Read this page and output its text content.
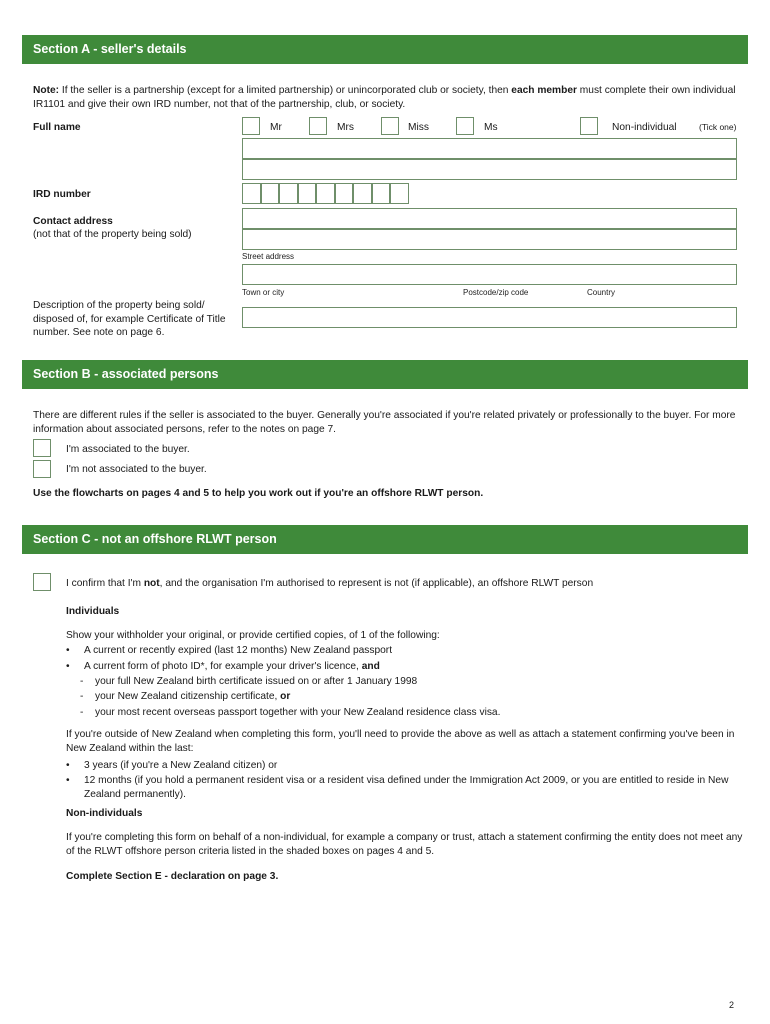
Section A - seller's details
Note: If the seller is a partnership (except for a limited partnership) or unincorporated club or society, then each member must complete their own individual IR1101 and give their own IRD number, not that of the partnership, club, or society.
Full name	Mr	Mrs	Miss	Ms	Non-individual	(Tick one)
IRD number
Contact address
(not that of the property being sold)
Street address
Town or city	Postcode/zip code	Country
Description of the property being sold/ disposed of, for example Certificate of Title number. See note on page 6.
Section B - associated persons
There are different rules if the seller is associated to the buyer. Generally you're associated if you're related privately or professionally to the buyer. For more information about associated persons, refer to the notes on page 7.
I'm associated to the buyer.
I'm not associated to the buyer.
Use the flowcharts on pages 4 and 5 to help you work out if you're an offshore RLWT person.
Section C - not an offshore RLWT person
I confirm that I'm not, and the organisation I'm authorised to represent is not (if applicable), an offshore RLWT person
Individuals
Show your withholder your original, or provide certified copies, of 1 of the following:
• A current or recently expired (last 12 months) New Zealand passport
• A current form of photo ID*, for example your driver's licence, and
- your full New Zealand birth certificate issued on or after 1 January 1998
- your New Zealand citizenship certificate, or
- your most recent overseas passport together with your New Zealand residence class visa.
If you're outside of New Zealand when completing this form, you'll need to provide the above as well as attach a statement confirming you've been in New Zealand within the last:
• 3 years (if you're a New Zealand citizen) or
• 12 months (if you hold a permanent resident visa or a resident visa defined under the Immigration Act 2009, or you are entitled to reside in New Zealand permanently).
Non-individuals
If you're completing this form on behalf of a non-individual, for example a company or trust, attach a statement confirming the entity does not meet any of the RLWT offshore person criteria listed in the shaded boxes on pages 4 and 5.
Complete Section E - declaration on page 3.
2
